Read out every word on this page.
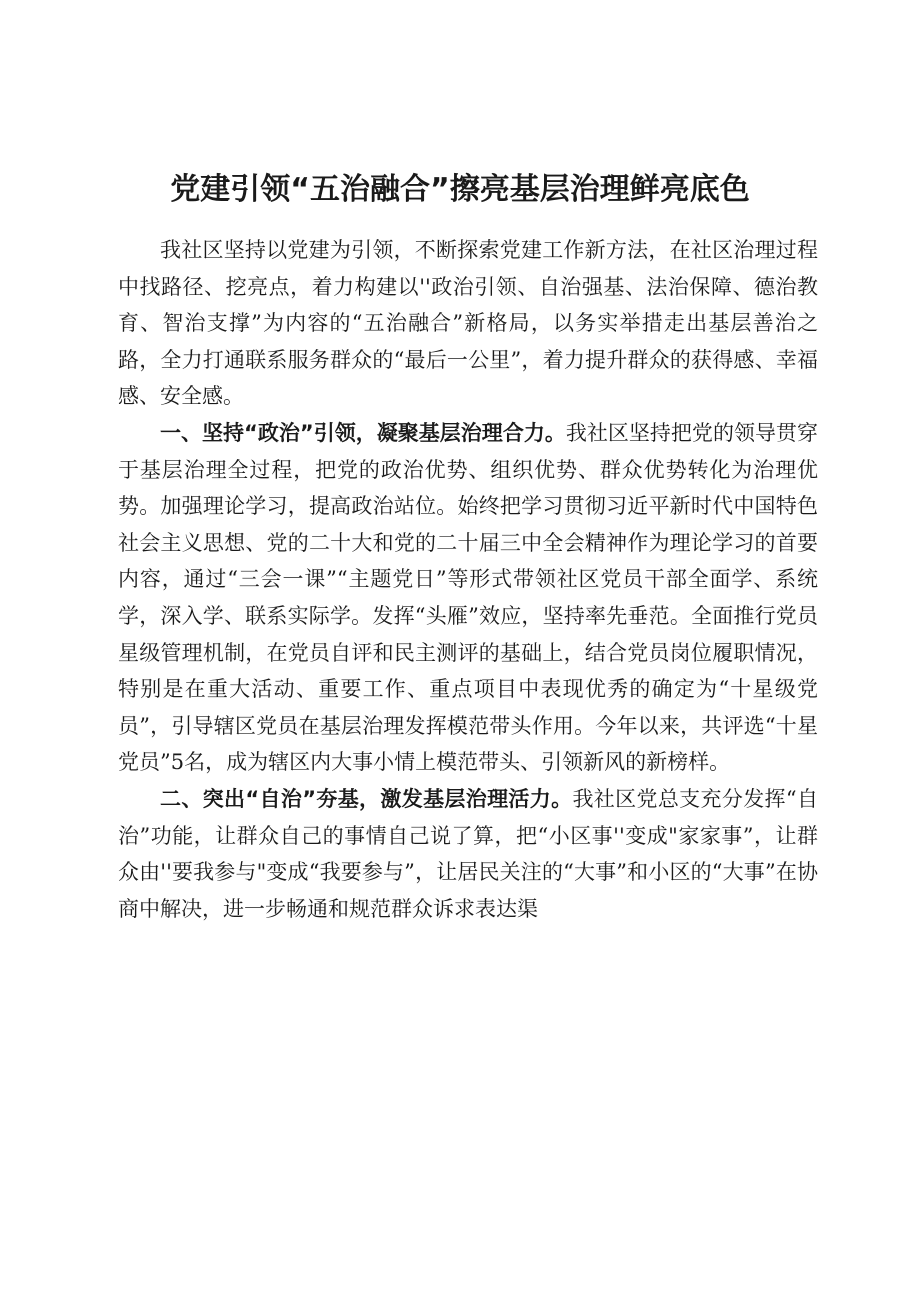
党建引领“五治融合”擦亮基层治理鲜亮底色

我社区坚持以党建为引领，不断探索党建工作新方法，在社区治理过程中找路径、挖亮点，着力构建以''政治引领、自治强基、法治保障、德治教育、智治支撑”为内容的“五治融合”新格局，以务实举措走出基层善治之路，全力打通联系服务群众的“最后一公里”，着力提升群众的获得感、幸福感、安全感。

一、坚持“政治”引领，凝聚基层治理合力。我社区坚持把党的领导贯穿于基层治理全过程，把党的政治优势、组织优势、群众优势转化为治理优势。加强理论学习，提高政治站位。始终把学习贯彻习近平新时代中国特色社会主义思想、党的二十大和党的二十届三中全会精神作为理论学习的首要内容，通过“三会一课”“主题党日”等形式带领社区党员干部全面学、系统学，深入学、联系实际学。发挥“头雁”效应，坚持率先垂范。全面推行党员星级管理机制，在党员自评和民主测评的基础上，结合党员岗位履职情况，特别是在重大活动、重要工作、重点项目中表现优秀的确定为“十星级党员”，引导辖区党员在基层治理发挥模范带头作用。今年以来，共评选“十星党员”5名，成为辖区内大事小情上模范带头、引领新风的新榜样。

二、突出“自治”夯基，激发基层治理活力。我社区党总支充分发挥“自治”功能，让群众自己的事情自己说了算，把“小区事''变成"家家事”，让群众由''要我参与"变成“我要参与”，让居民关注的“大事”和小区的“大事”在协商中解决，进一步畅通和规范群众诉求表达渠
